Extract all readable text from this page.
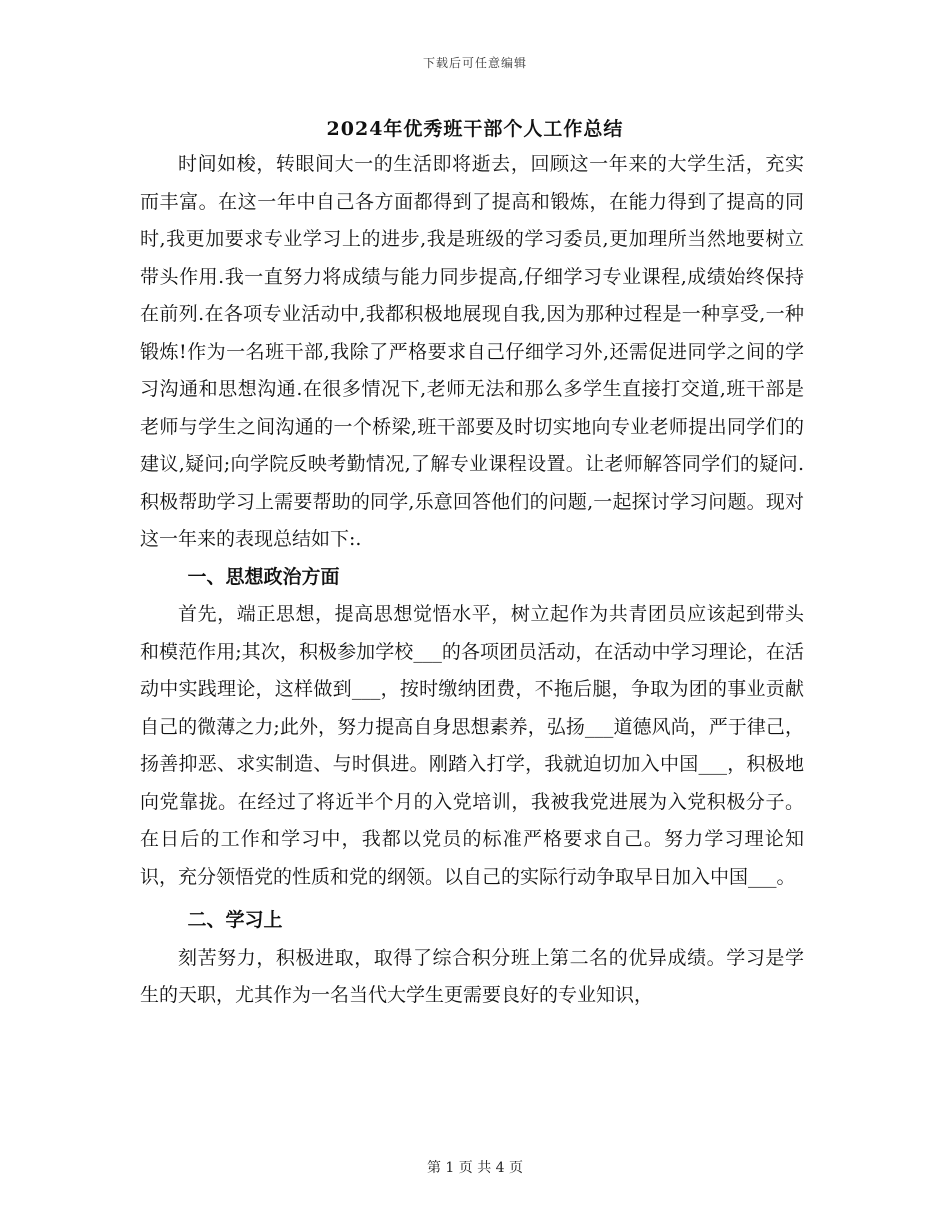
下载后可任意编辑
2024年优秀班干部个人工作总结

时间如梭，转眼间大一的生活即将逝去，回顾这一年来的大学生活，充实而丰富。在这一年中自己各方面都得到了提高和锻炼，在能力得到了提高的同时,我更加要求专业学习上的进步,我是班级的学习委员,更加理所当然地要树立带头作用.我一直努力将成绩与能力同步提高,仔细学习专业课程,成绩始终保持在前列.在各项专业活动中,我都积极地展现自我,因为那种过程是一种享受,一种锻炼!作为一名班干部,我除了严格要求自己仔细学习外,还需促进同学之间的学习沟通和思想沟通.在很多情况下,老师无法和那么多学生直接打交道,班干部是老师与学生之间沟通的一个桥梁,班干部要及时切实地向专业老师提出同学们的建议,疑问;向学院反映考勤情况,了解专业课程设置。让老师解答同学们的疑问.积极帮助学习上需要帮助的同学,乐意回答他们的问题,一起探讨学习问题。现对这一年来的表现总结如下:.

一、思想政治方面

首先，端正思想，提高思想觉悟水平，树立起作为共青团员应该起到带头和模范作用;其次，积极参加学校___的各项团员活动，在活动中学习理论，在活动中实践理论，这样做到___，按时缴纳团费，不拖后腿，争取为团的事业贡献自己的微薄之力;此外，努力提高自身思想素养，弘扬___道德风尚，严于律己，扬善抑恶、求实制造、与时俱进。刚踏入打学，我就迫切加入中国___，积极地向党靠拢。在经过了将近半个月的入党培训，我被我党进展为入党积极分子。在日后的工作和学习中，我都以党员的标准严格要求自己。努力学习理论知识，充分领悟党的性质和党的纲领。以自己的实际行动争取早日加入中国___。

二、学习上

刻苦努力，积极进取，取得了综合积分班上第二名的优异成绩。学习是学生的天职，尤其作为一名当代大学生更需要良好的专业知识，

第 1 页 共 4 页
